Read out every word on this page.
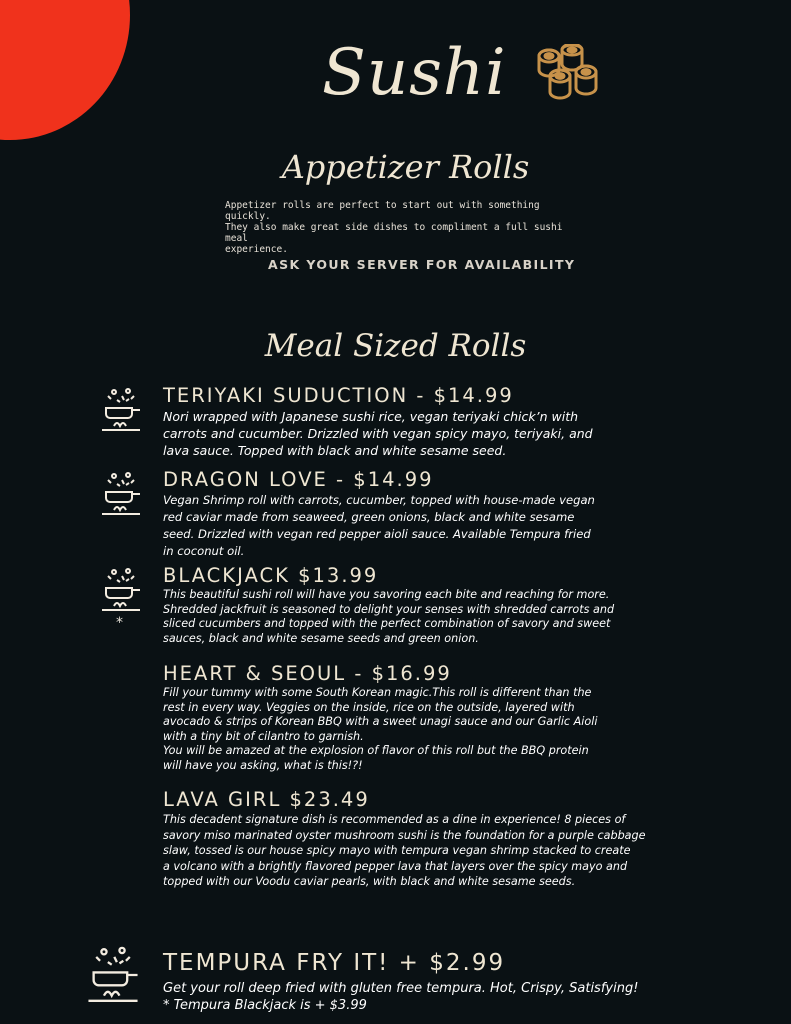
Sushi
Appetizer Rolls
Appetizer rolls are perfect to start out with something quickly.
They also make great side dishes to compliment a full sushi meal
experience.
ASK YOUR SERVER FOR AVAILABILITY
Meal Sized Rolls
TERIYAKI SUDUCTION - $14.99

Nori wrapped with Japanese sushi rice, vegan teriyaki chick’n with
carrots and cucumber. Drizzled with vegan spicy mayo, teriyaki, and
lava sauce. Topped with black and white sesame seed.

DRAGON LOVE - $14.99

Vegan Shrimp roll with carrots, cucumber, topped with house-made vegan
red caviar made from seaweed, green onions, black and white sesame
seed. Drizzled with vegan red pepper aioli sauce. Available Tempura fried
in coconut oil.

*
BLACKJACK $13.99

This beautiful sushi roll will have you savoring each bite and reaching for more.
Shredded jackfruit is seasoned to delight your senses with shredded carrots and
sliced cucumbers and topped with the perfect combination of savory and sweet
sauces, black and white sesame seeds and green onion.

HEART & SEOUL - $16.99

Fill your tummy with some South Korean magic.This roll is different than the
rest in every way. Veggies on the inside, rice on the outside, layered with
avocado & strips of Korean BBQ with a sweet unagi sauce and our Garlic Aioli
with a tiny bit of cilantro to garnish.
You will be amazed at the explosion of flavor of this roll but the BBQ protein
will have you asking, what is this!?!

LAVA GIRL $23.49

This decadent signature dish is recommended as a dine in experience! 8 pieces of
savory miso marinated oyster mushroom sushi is the foundation for a purple cabbage
slaw, tossed is our house spicy mayo with tempura vegan shrimp stacked to create
a volcano with a brightly flavored pepper lava that layers over the spicy mayo and
topped with our Voodu caviar pearls, with black and white sesame seeds.

TEMPURA FRY IT! + $2.99

Get your roll deep fried with gluten free tempura. Hot, Crispy, Satisfying!
* Tempura Blackjack is + $3.99
